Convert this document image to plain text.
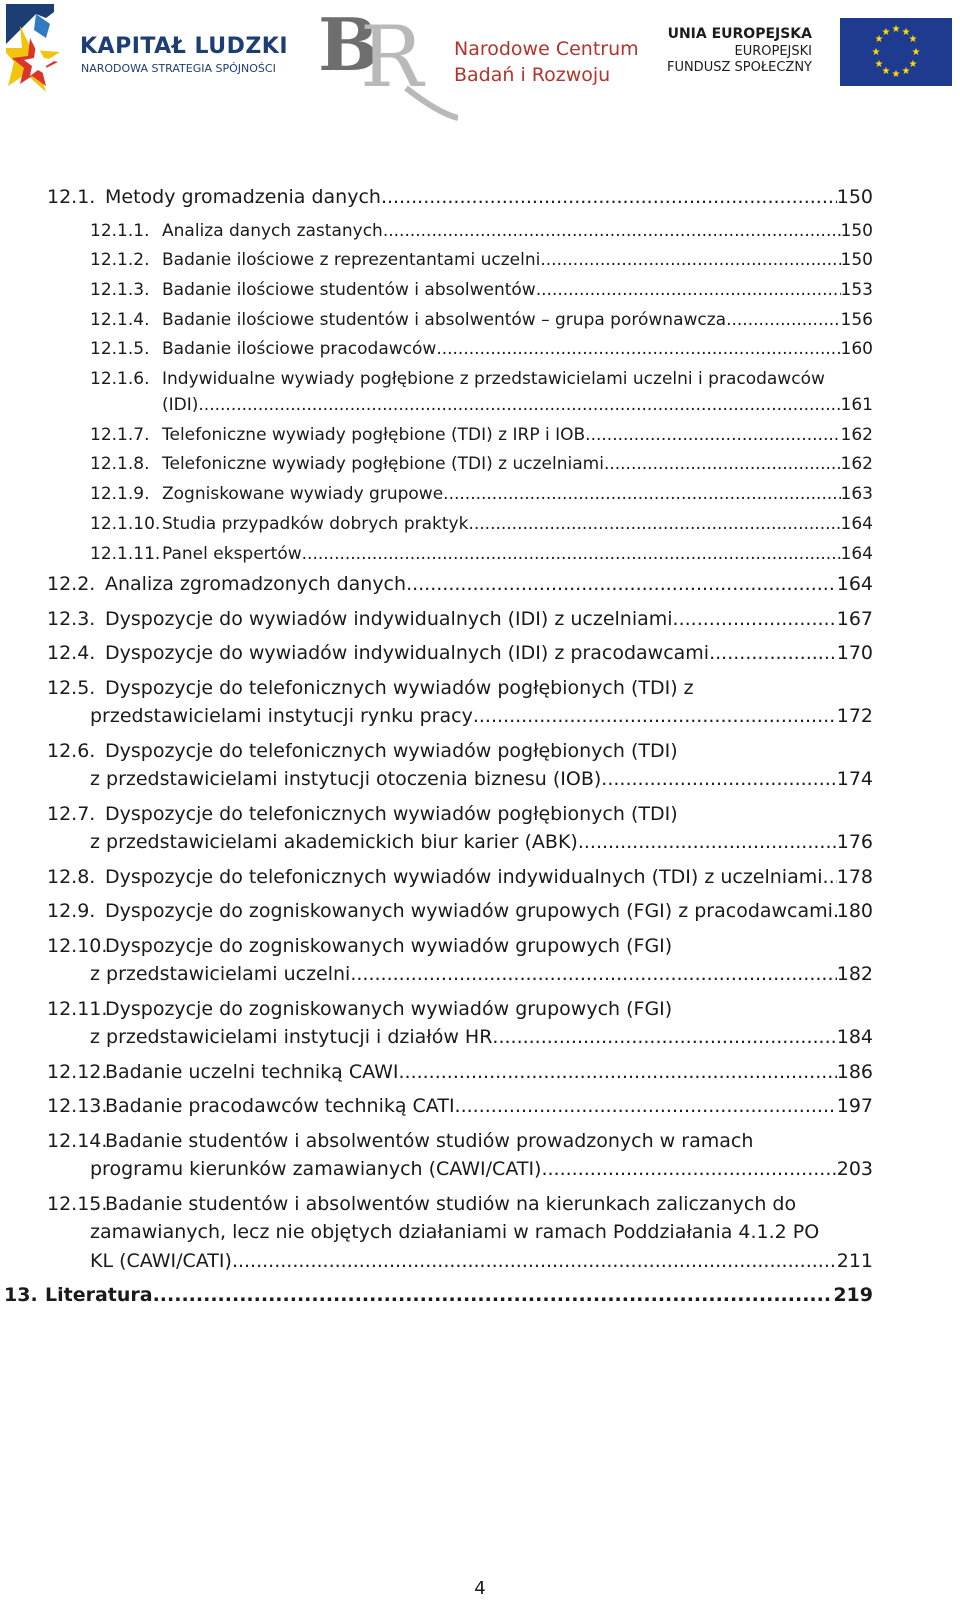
KAPITAŁ LUDZKI
NARODOWA STRATEGIA SPÓJNOŚCI B
R Narodowe Centrum
Badań i Rozwoju
UNIA EUROPEJSKA
EUROPEJSKI
FUNDUSZ SPOŁECZNY
★ ★
★
★
★
★
★
★
★
★
★
★
12.1. Metody gromadzenia danych .....	150
12.1.1. Analiza danych zastanych .....	150
12.1.2. Badanie ilościowe z reprezentantami uczelni .....	150
12.1.3. Badanie ilościowe studentów i absolwentów .....	153
12.1.4. Badanie ilościowe studentów i absolwentów – grupa porównawcza .....	156
12.1.5. Badanie ilościowe pracodawców .....	160
12.1.6. Indywidualne wywiady pogłębione z przedstawicielami uczelni i pracodawców
(IDI) .....	161
12.1.7. Telefoniczne wywiady pogłębione (TDI) z IRP i IOB .....	162
12.1.8. Telefoniczne wywiady pogłębione (TDI) z uczelniami .....	162
12.1.9. Zogniskowane wywiady grupowe .....	163
12.1.10. Studia przypadków dobrych praktyk .....	164
12.1.11. Panel ekspertów .....	164
12.2. Analiza zgromadzonych danych .....	164
12.3. Dyspozycje do wywiadów indywidualnych (IDI) z uczelniami .....	167
12.4. Dyspozycje do wywiadów indywidualnych (IDI) z pracodawcami .....	170
12.5. Dyspozycje do telefonicznych wywiadów pogłębionych (TDI) z
przedstawicielami instytucji rynku pracy .....	172
12.6. Dyspozycje do telefonicznych wywiadów pogłębionych (TDI)
z przedstawicielami instytucji otoczenia biznesu (IOB) .....	174
12.7. Dyspozycje do telefonicznych wywiadów pogłębionych (TDI)
z przedstawicielami akademickich biur karier (ABK) .....	176
12.8. Dyspozycje do telefonicznych wywiadów indywidualnych (TDI) z uczelniami ..... 178
12.9. Dyspozycje do zogniskowanych wywiadów grupowych (FGI) z pracodawcami ..... 180
12.10.
Dyspozycje do zogniskowanych wywiadów grupowych (FGI)
z przedstawicielami uczelni .....	182
12.11.
Dyspozycje do zogniskowanych wywiadów grupowych (FGI)
z przedstawicielami instytucji i działów HR .....	184
12.12.
Badanie uczelni techniką CAWI .....	186
12.13.
Badanie pracodawców techniką CATI .....	197
12.14.
Badanie studentów i absolwentów studiów prowadzonych w ramach
programu kierunków zamawianych (CAWI/CATI) .....	203
12.15.
Badanie studentów i absolwentów studiów na kierunkach zaliczanych do
zamawianych, lecz nie objętych działaniami w ramach Poddziałania 4.1.2 PO
KL (CAWI/CATI) .....	211
13. Literatura .....	219
4
